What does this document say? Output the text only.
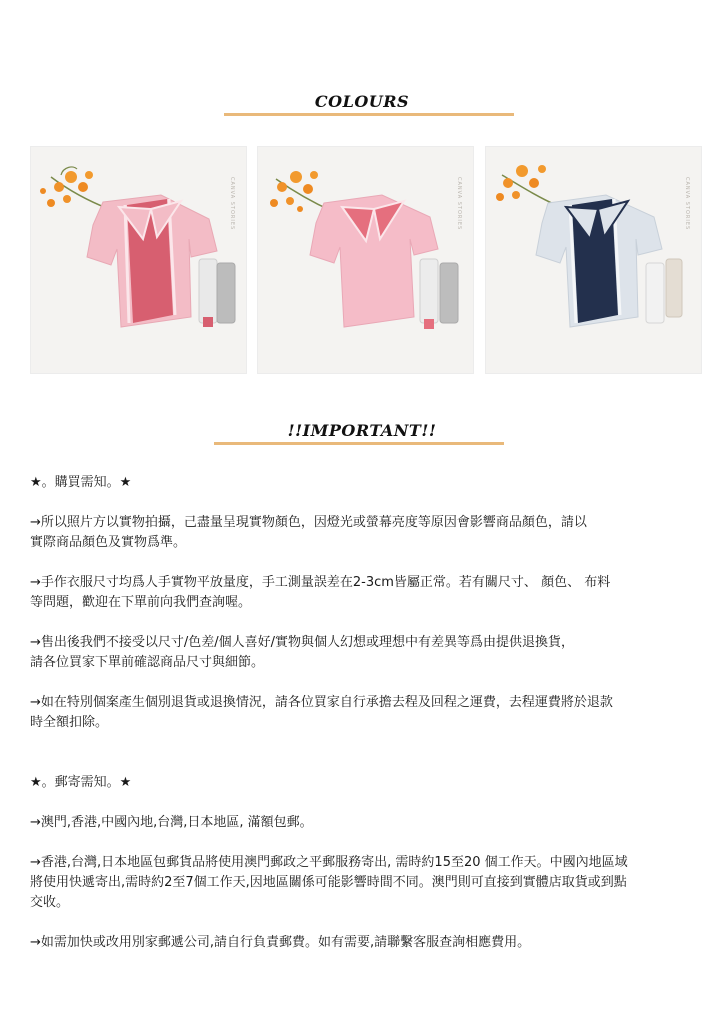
COLOURS
CANVA STORIES	CANVA STORIES	CANVA STORIES
!!IMPORTANT!!

★。購買需知。★

→所以照片方以實物拍攝，己盡量呈現實物顏色，因燈光或螢幕亮度等原因會影響商品顏色，請以
實際商品顏色及實物爲準。

→手作衣服尺寸均爲人手實物平放量度，手工測量誤差在2-3cm皆屬正常。若有關尺寸、 顏色、 布料
等問題，歡迎在下單前向我們查詢喔。

→售出後我們不接受以尺寸/色差/個人喜好/實物與個人幻想或理想中有差異等爲由提供退換貨，
請各位買家下單前確認商品尺寸與細節。

→如在特別個案產生個別退貨或退換情況，請各位買家自行承擔去程及回程之運費，去程運費將於退款
時全額扣除。

★。郵寄需知。★

→澳門,香港,中國內地,台灣,日本地區, 滿額包郵。

→香港,台灣,日本地區包郵貨品將使用澳門郵政之平郵服務寄出, 需時約15至20 個工作天。中國內地區域
將使用快遞寄出,需時約2至7個工作天,因地區關係可能影響時間不同。澳門則可直接到實體店取貨或到點
交收。

→如需加快或改用別家郵遞公司,請自行負責郵費。如有需要,請聯繫客服查詢相應費用。
